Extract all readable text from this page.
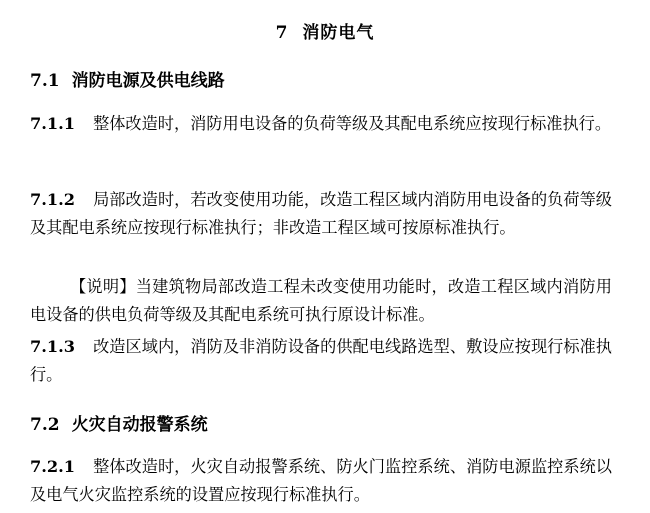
7 消防电气
7.1 消防电源及供电线路
7.1.1 整体改造时，消防用电设备的负荷等级及其配电系统应按现行标准执行。
7.1.2 局部改造时，若改变使用功能，改造工程区域内消防用电设备的负荷等级及其配电系统应按现行标准执行；非改造工程区域可按原标准执行。
【说明】当建筑物局部改造工程未改变使用功能时，改造工程区域内消防用电设备的供电负荷等级及其配电系统可执行原设计标准。
7.1.3 改造区域内，消防及非消防设备的供配电线路选型、敷设应按现行标准执行。
7.2 火灾自动报警系统
7.2.1 整体改造时，火灾自动报警系统、防火门监控系统、消防电源监控系统以及电气火灾监控系统的设置应按现行标准执行。
